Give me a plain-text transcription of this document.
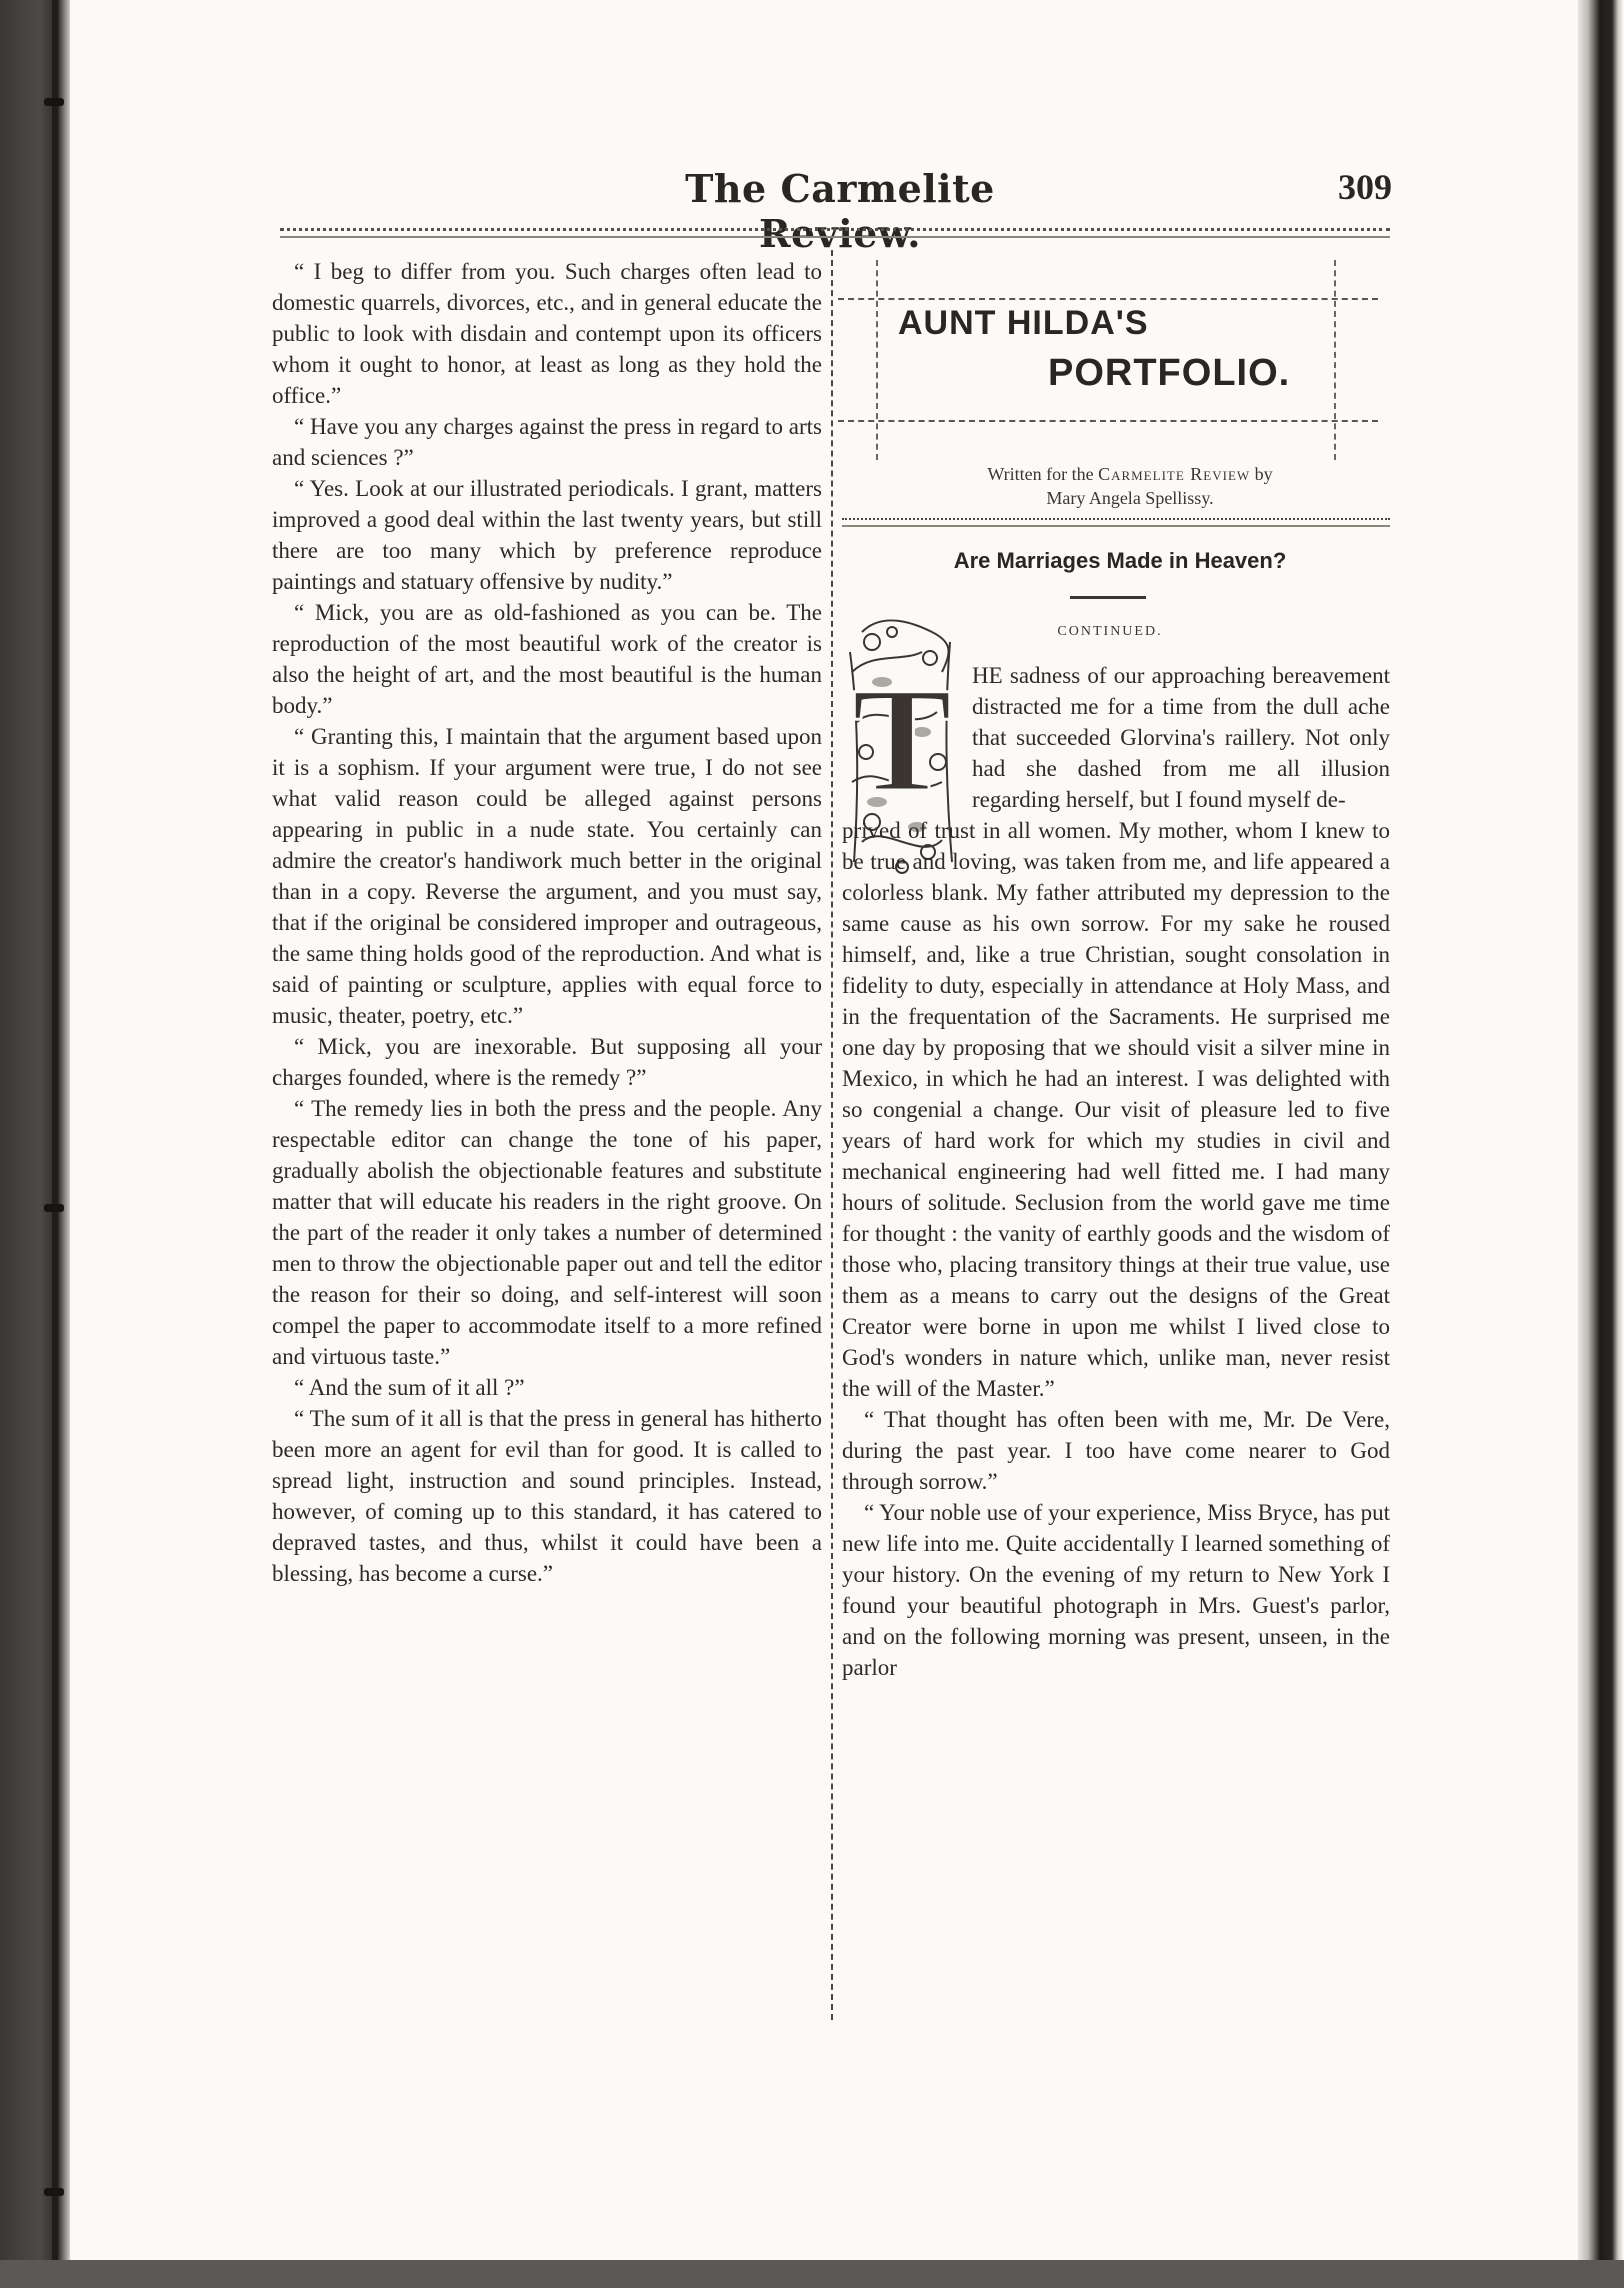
The Carmelite Review.
309

“ I beg to differ from you. Such charges often lead to domestic quarrels, divorces, etc., and in general educate the public to look with disdain and contempt upon its officers whom it ought to honor, at least as long as they hold the office.”

“ Have you any charges against the press in regard to arts and sciences ?”

“ Yes. Look at our illustrated periodicals. I grant, matters improved a good deal within the last twenty years, but still there are too many which by preference reproduce paintings and statuary offensive by nudity.”

“ Mick, you are as old-fashioned as you can be. The reproduction of the most beautiful work of the creator is also the height of art, and the most beautiful is the human body.”

“ Granting this, I maintain that the argument based upon it is a sophism. If your argument were true, I do not see what valid reason could be alleged against persons appearing in public in a nude state. You certainly can admire the creator's handiwork much better in the original than in a copy. Reverse the argument, and you must say, that if the original be considered improper and outrageous, the same thing holds good of the reproduction. And what is said of painting or sculpture, applies with equal force to music, theater, poetry, etc.”

“ Mick, you are inexorable. But supposing all your charges founded, where is the remedy ?”

“ The remedy lies in both the press and the people. Any respectable editor can change the tone of his paper, gradually abolish the objectionable features and substitute matter that will educate his readers in the right groove. On the part of the reader it only takes a number of determined men to throw the objectionable paper out and tell the editor the reason for their so doing, and self-interest will soon compel the paper to accommodate itself to a more refined and virtuous taste.”

“ And the sum of it all ?”

“ The sum of it all is that the press in general has hitherto been more an agent for evil than for good. It is called to spread light, instruction and sound principles. Instead, however, of coming up to this standard, it has catered to depraved tastes, and thus, whilst it could have been a blessing, has become a curse.”

AUNT HILDA'S
PORTFOLIO.
Written for the Carmelite Review by
Mary Angela Spellissy.
Are Marriages Made in Heaven?
CONTINUED.
T HE sadness of our approaching bereavement distracted me for a time from the dull ache that succeeded Glorvina's raillery. Not only had she dashed from me all illusion regarding herself, but I found myself de-

prived of trust in all women. My mother, whom I knew to be true and loving, was taken from me, and life appeared a colorless blank. My father attributed my depression to the same cause as his own sorrow. For my sake he roused himself, and, like a true Christian, sought consolation in fidelity to duty, especially in attendance at Holy Mass, and in the frequentation of the Sacraments. He surprised me one day by proposing that we should visit a silver mine in Mexico, in which he had an interest. I was delighted with so congenial a change. Our visit of pleasure led to five years of hard work for which my studies in civil and mechanical engineering had well fitted me. I had many hours of solitude. Seclusion from the world gave me time for thought : the vanity of earthly goods and the wisdom of those who, placing transitory things at their true value, use them as a means to carry out the designs of the Great Creator were borne in upon me whilst I lived close to God's wonders in nature which, unlike man, never resist the will of the Master.”

“ That thought has often been with me, Mr. De Vere, during the past year. I too have come nearer to God through sorrow.”

“ Your noble use of your experience, Miss Bryce, has put new life into me. Quite accidentally I learned something of your history. On the evening of my return to New York I found your beautiful photograph in Mrs. Guest's parlor, and on the following morning was present, unseen, in the parlor
